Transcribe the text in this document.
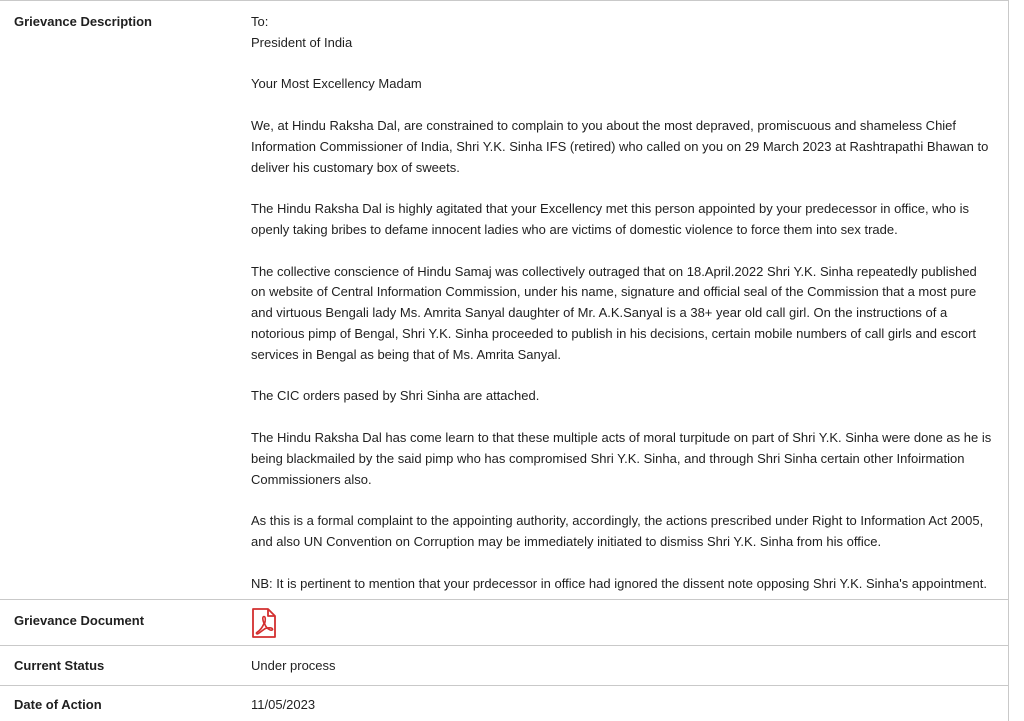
Grievance Description	To:

President of India

Your Most Excellency Madam

We, at Hindu Raksha Dal, are constrained to complain to you about the most depraved, promiscuous and shameless Chief Information Commissioner of India, Shri Y.K. Sinha IFS (retired) who called on you on 29 March 2023 at Rashtrapathi Bhawan to deliver his customary box of sweets.

The Hindu Raksha Dal is highly agitated that your Excellency met this person appointed by your predecessor in office, who is openly taking bribes to defame innocent ladies who are victims of domestic violence to force them into sex trade.

The collective conscience of Hindu Samaj was collectively outraged that on 18.April.2022 Shri Y.K. Sinha repeatedly published on website of Central Information Commission, under his name, signature and official seal of the Commission that a most pure and virtuous Bengali lady Ms. Amrita Sanyal daughter of Mr. A.K.Sanyal is a 38+ year old call girl. On the instructions of a notorious pimp of Bengal, Shri Y.K. Sinha proceeded to publish in his decisions, certain mobile numbers of call girls and escort services in Bengal as being that of Ms. Amrita Sanyal.

The CIC orders pased by Shri Sinha are attached.

The Hindu Raksha Dal has come learn to that these multiple acts of moral turpitude on part of Shri Y.K. Sinha were done as he is being blackmailed by the said pimp who has compromised Shri Y.K. Sinha, and through Shri Sinha certain other Infoirmation Commissioners also.

As this is a formal complaint to the appointing authority, accordingly, the actions prescribed under Right to Information Act 2005, and also UN Convention on Corruption may be immediately initiated to dismiss Shri Y.K. Sinha from his office.

NB: It is pertinent to mention that your prdecessor in office had ignored the dissent note opposing Shri Y.K. Sinha's appointment.

Grievance Document
Current Status	Under process
Date of Action	11/05/2023
